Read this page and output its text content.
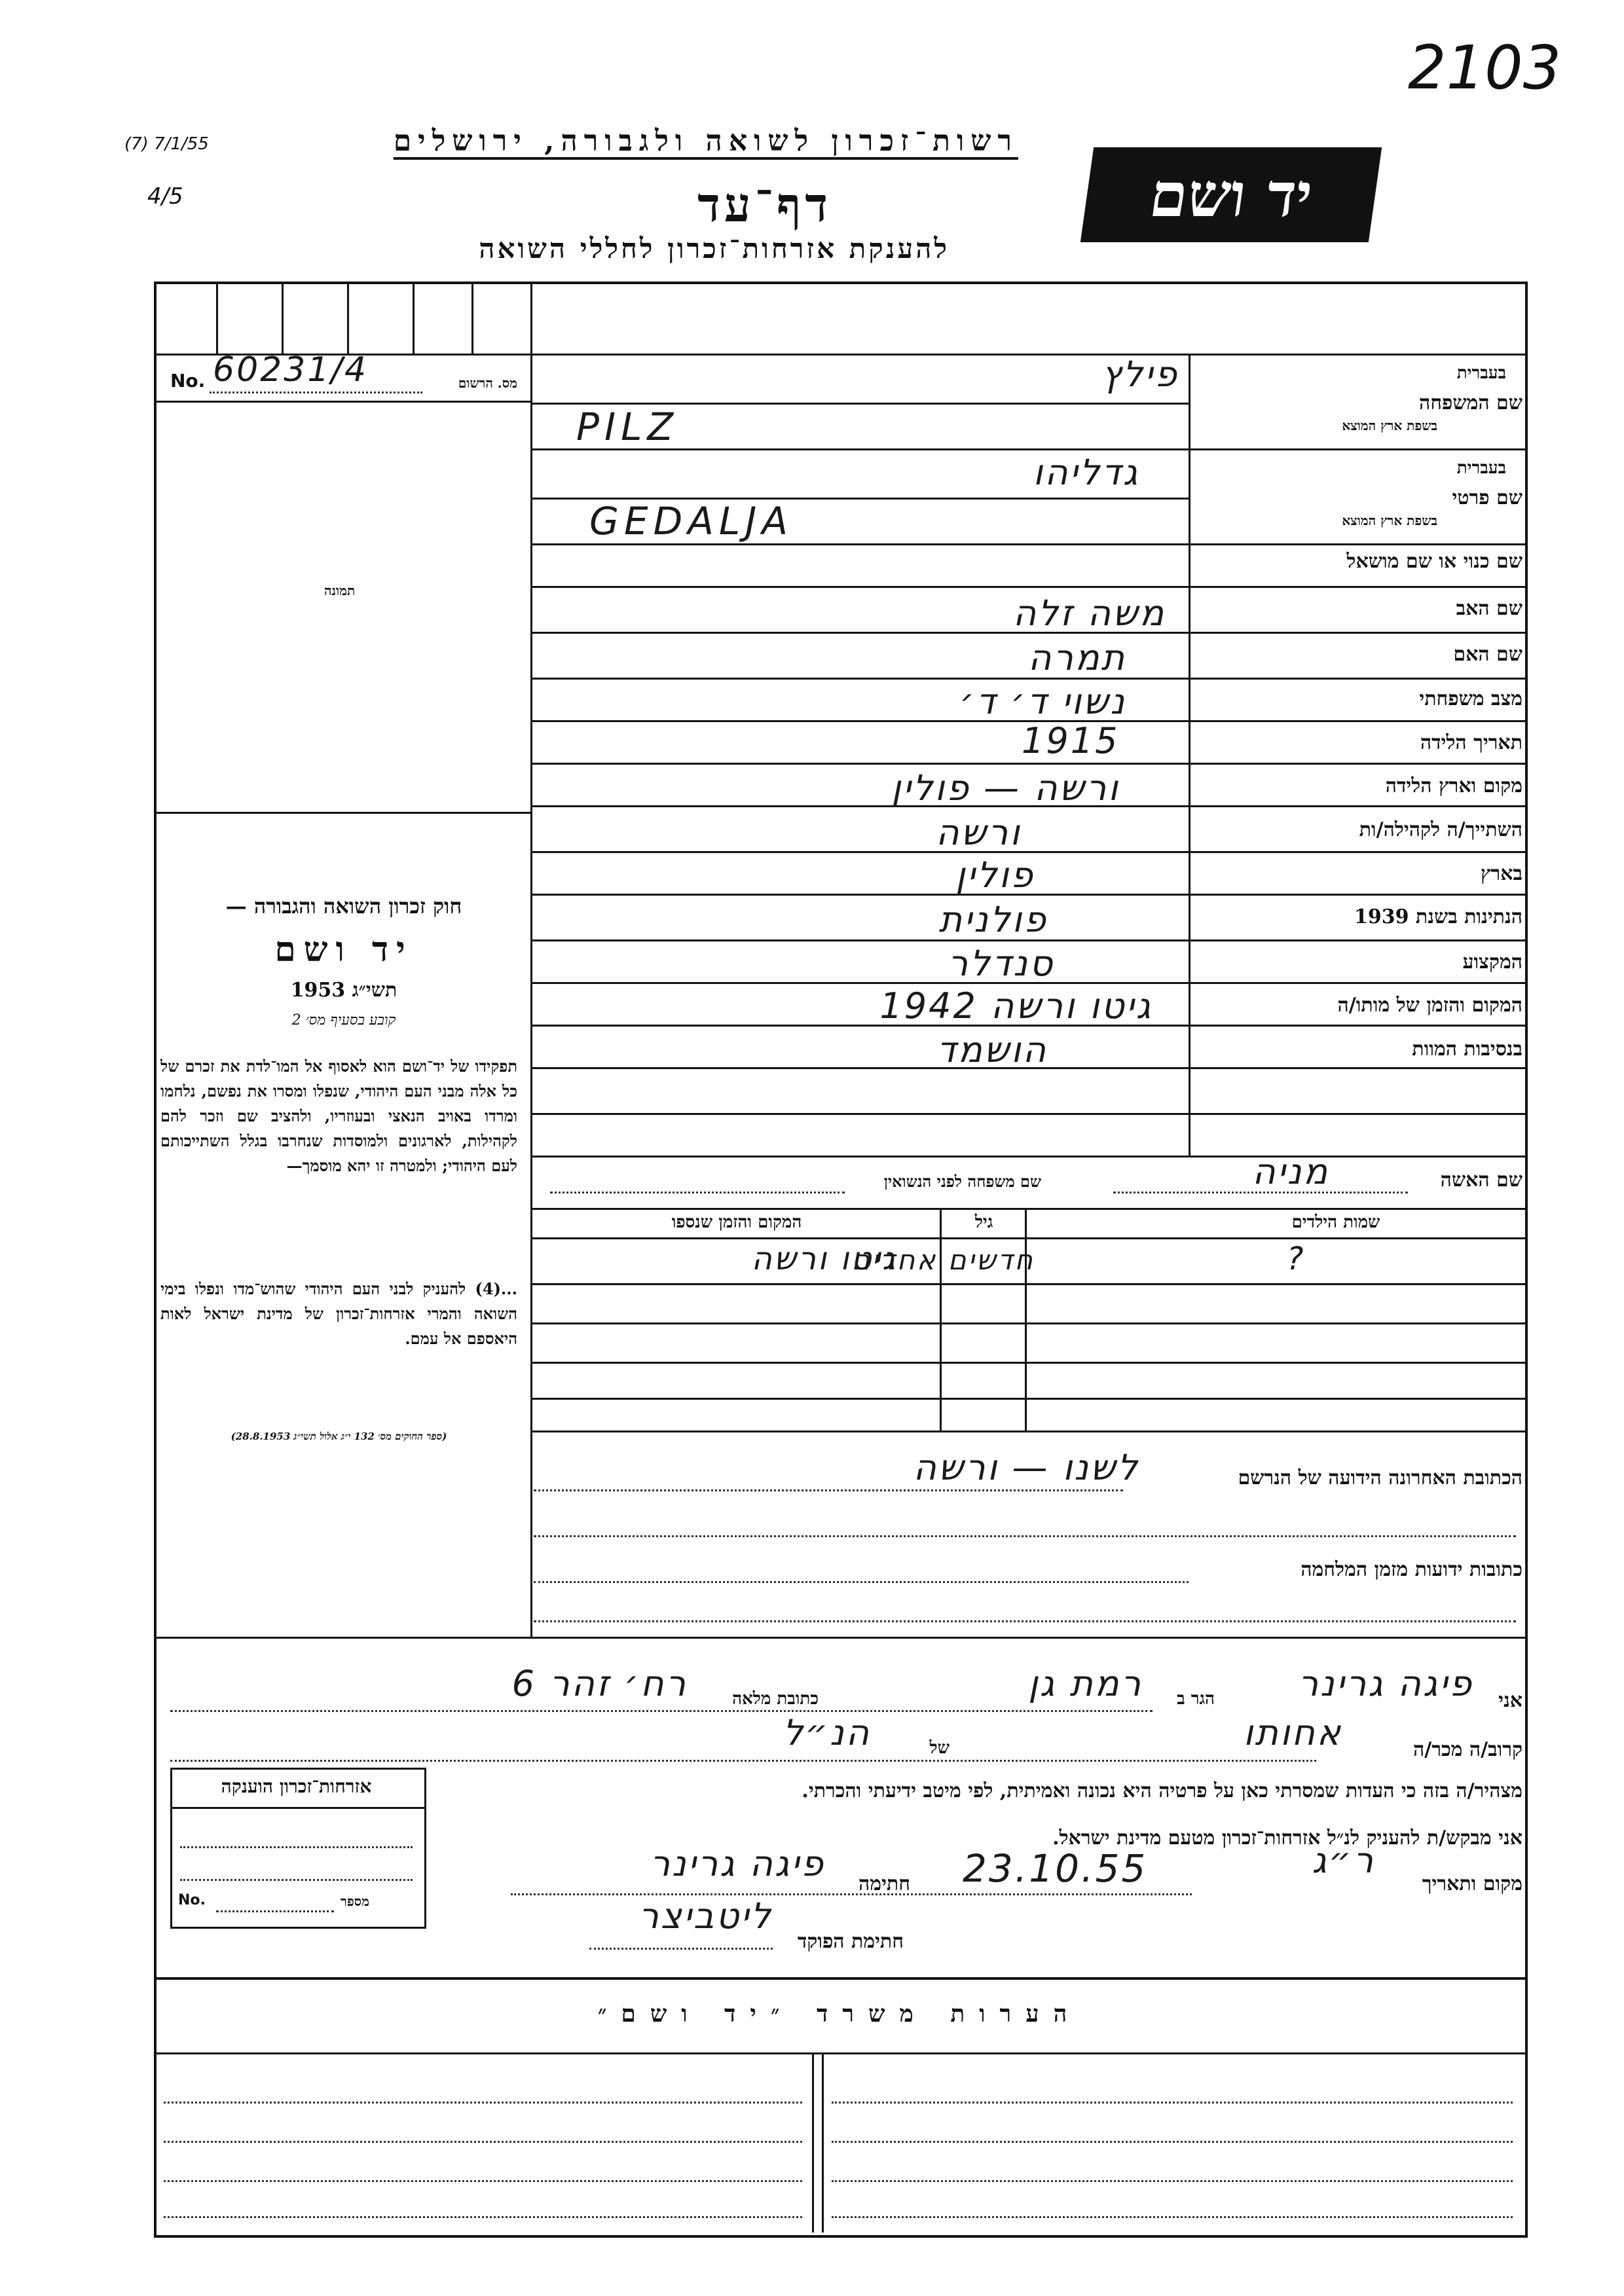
2103
(7) 7/1/55
4/5
רשות־זכרון לשואה ולגבורה, ירושלים
דף־עד
להענקת אזרחות־זכרון לחללי השואה
יד ושם
No. 60231/4	מס. הרשום
תמונה
חוק זכרון השואה והגבורה —
יד ושם
תשי״ג 1953
קובע בסעיף מס׳ 2
תפקידו של יד־ושם הוא לאסוף אל המו־לדת את זכרם של כל אלה מבני העם היהודי, שנפלו ומסרו את נפשם, נלחמו ומרדו באויב הנאצי ובעוזריו, ולהציב שם וזכר להם לקהילות, לארגונים ולמוסדות שנחרבו בגלל השתייכותם לעם היהודי; ולמטרה זו יהא מוסמך—
...(4) להעניק לבני העם היהודי שהוש־מדו ונפלו בימי השואה והמרי אזרחות־זכרון של מדינת ישראל לאות היאספם אל עמם.
(ספר החוקים מס׳ 132 י״ג אלול תשי״ג 28.8.1953)
בעברית
שם המשפחה
בשפת ארץ המוצא
פילץ
PILZ
בעברית
שם פרטי
בשפת ארץ המוצא
גדליהו
GEDALJA
שם כנוי או שם מושאל
שם האב
משה זלה
שם האם
תמרה
מצב משפחתי
נשוי ד׳ ד׳
תאריך הלידה
1915
מקום וארץ הלידה
ורשה — פולין
השתייך/ה לקהילה/ות
ורשה
בארץ
פולין
הנתינות בשנת 1939
פולנית
המקצוע
סנדלר
המקום והזמן של מותו/ה
גיטו ורשה 1942
בנסיבות המוות
הושמד
שם האשה
מניה
שם משפחה לפני הנשואין
שמות הילדים
גיל
המקום והזמן שנספו
?
חדשים אחדים
גיטו ורשה
הכתובת האחרונה הידועה של הנרשם
לשנו — ורשה
כתובות ידועות מזמן המלחמה
אני
פיגה גרינר
הגר ב
רמת גן
כתובת מלאה
רח׳ זהר 6
קרוב/ה מכר/ה
אחותו
של
הנ״ל
מצהיר/ה בזה כי העדות שמסרתי כאן על פרטיה היא נכונה ואמיתית, לפי מיטב ידיעתי והכרתי.
אני מבקש/ת להעניק לנ״ל אזרחות־זכרון מטעם מדינת ישראל.
מקום ותאריך
ר״ג
23.10.55
חתימה
פיגה גרינר
חתימת הפוקד
ליטביצר
אזרחות־זכרון הוענקה
No.	מספר
הערות משרד ״יד ושם״
